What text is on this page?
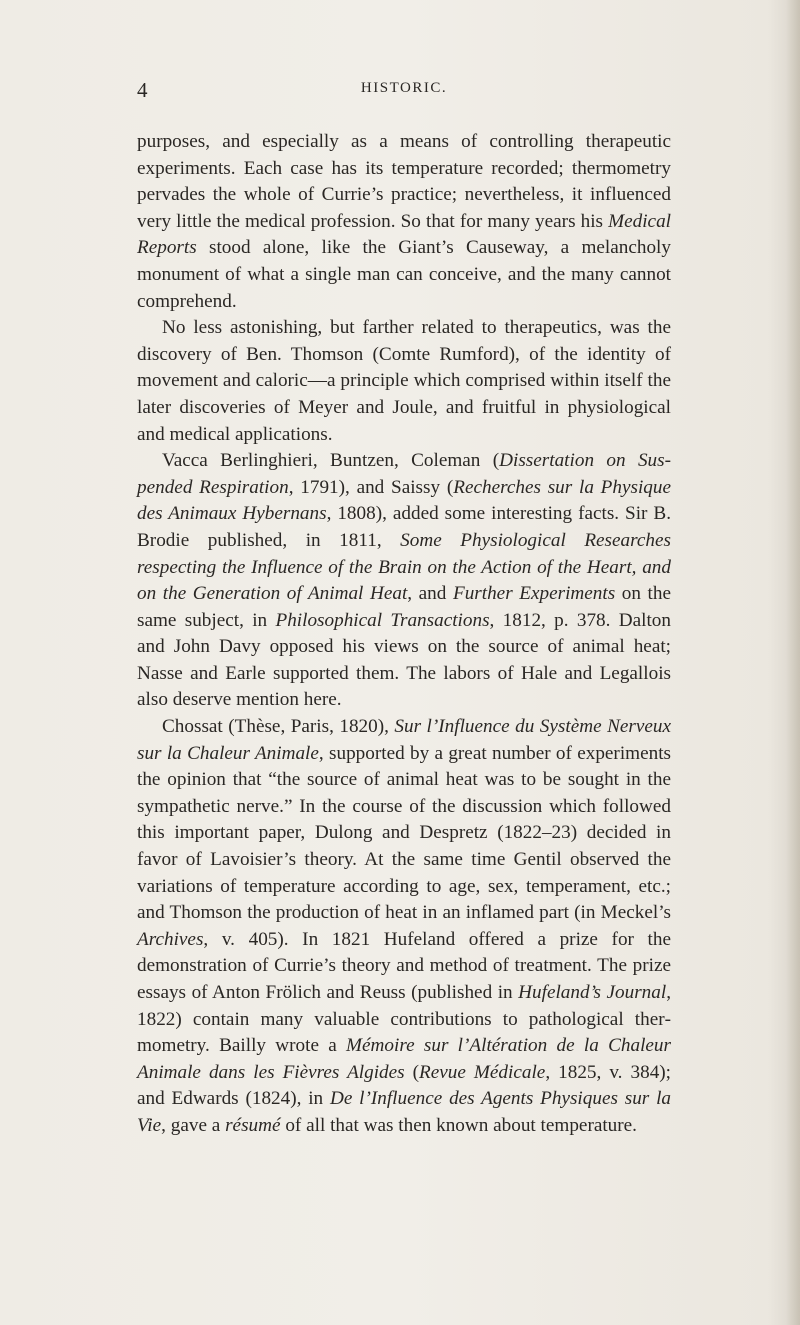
4	HISTORIC.

purposes, and especially as a means of controlling therapeutic experiments. Each case has its temperature recorded; thermometry pervades the whole of Currie’s practice; nevertheless, it influenced very little the medical profession. So that for many years his Medical Reports stood alone, like the Giant’s Causeway, a melancholy monument of what a single man can conceive, and the many cannot comprehend.

No less astonishing, but farther related to therapeutics, was the discovery of Ben. Thomson (Comte Rumford), of the identity of movement and caloric—a principle which comprised within itself the later discoveries of Meyer and Joule, and fruitful in physiological and medical applications.

Vacca Berlinghieri, Buntzen, Coleman (Dissertation on Suspended Respiration, 1791), and Saissy (Recherches sur la Physique des Animaux Hybernans, 1808), added some interesting facts. Sir B. Brodie published, in 1811, Some Physiological Researches respecting the Influence of the Brain on the Action of the Heart, and on the Generation of Animal Heat, and Further Experiments on the same subject, in Philosophical Transactions, 1812, p. 378. Dalton and John Davy opposed his views on the source of animal heat; Nasse and Earle supported them. The labors of Hale and Legallois also deserve mention here.

Chossat (Thèse, Paris, 1820), Sur l’Influence du Système Nerveux sur la Chaleur Animale, supported by a great number of experiments the opinion that “the source of animal heat was to be sought in the sympathetic nerve.” In the course of the discussion which followed this important paper, Dulong and Despretz (1822–23) decided in favor of Lavoisier’s theory. At the same time Gentil observed the variations of temperature according to age, sex, temperament, etc.; and Thomson the production of heat in an inflamed part (in Meckel’s Archives, v. 405). In 1821 Hufeland offered a prize for the demonstration of Currie’s theory and method of treatment. The prize essays of Anton Frölich and Reuss (published in Hufeland’s Journal, 1822) contain many valuable contributions to pathological thermometry. Bailly wrote a Mémoire sur l’Altération de la Chaleur Animale dans les Fièvres Algides (Revue Médicale, 1825, v. 384); and Edwards (1824), in De l’Influence des Agents Physiques sur la Vie, gave a résumé of all that was then known about temperature.
